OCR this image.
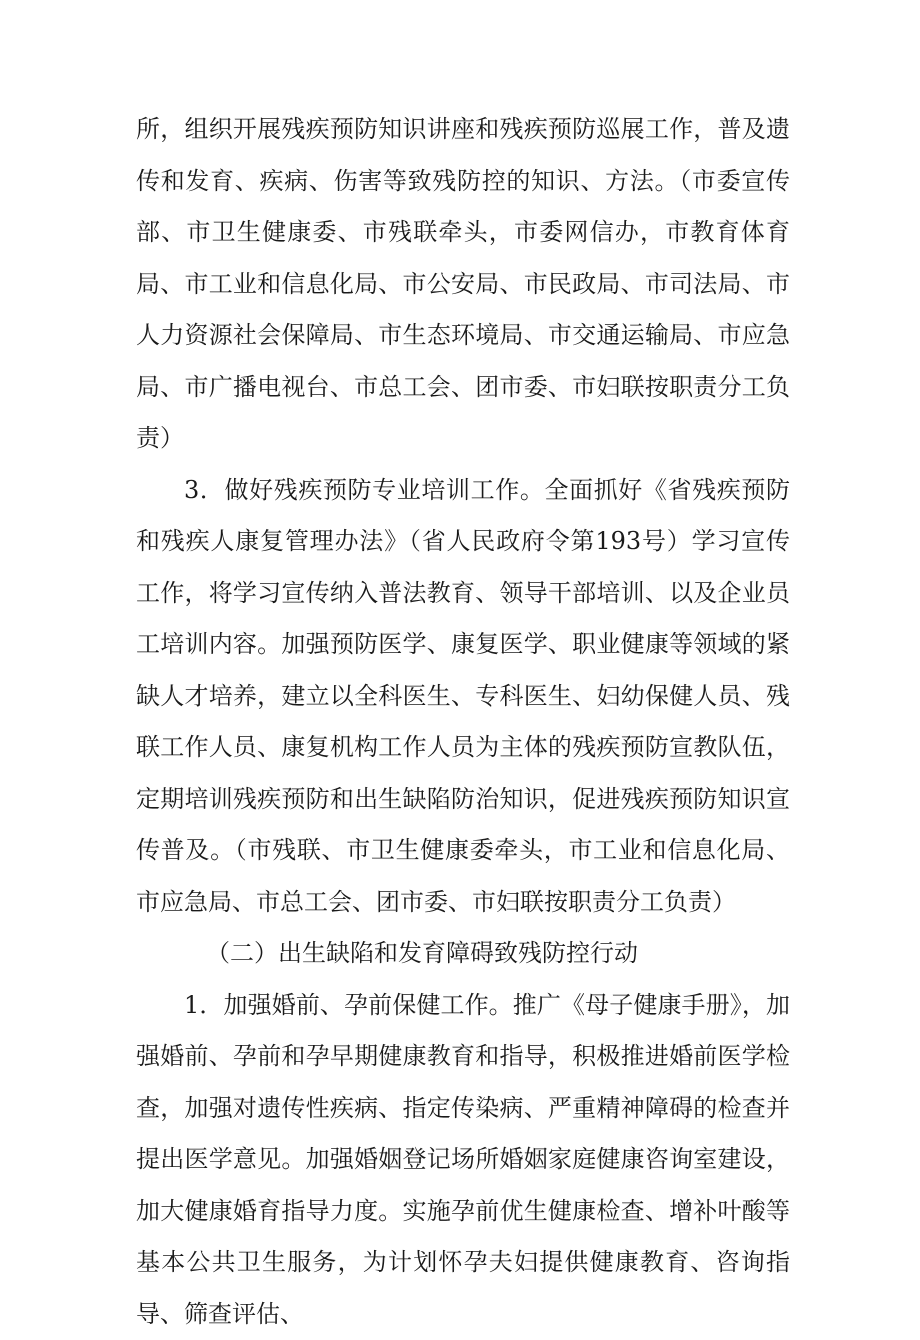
所，组织开展残疾预防知识讲座和残疾预防巡展工作，普及遗传和发育、疾病、伤害等致残防控的知识、方法。（市委宣传部、市卫生健康委、市残联牵头，市委网信办，市教育体育局、市工业和信息化局、市公安局、市民政局、市司法局、市人力资源社会保障局、市生态环境局、市交通运输局、市应急局、市广播电视台、市总工会、团市委、市妇联按职责分工负责）

3．做好残疾预防专业培训工作。全面抓好《省残疾预防和残疾人康复管理办法》（省人民政府令第193号）学习宣传工作，将学习宣传纳入普法教育、领导干部培训、以及企业员工培训内容。加强预防医学、康复医学、职业健康等领域的紧缺人才培养，建立以全科医生、专科医生、妇幼保健人员、残联工作人员、康复机构工作人员为主体的残疾预防宣教队伍，定期培训残疾预防和出生缺陷防治知识，促进残疾预防知识宣传普及。（市残联、市卫生健康委牵头，市工业和信息化局、市应急局、市总工会、团市委、市妇联按职责分工负责）

（二）出生缺陷和发育障碍致残防控行动

1．加强婚前、孕前保健工作。推广《母子健康手册》，加强婚前、孕前和孕早期健康教育和指导，积极推进婚前医学检查，加强对遗传性疾病、指定传染病、严重精神障碍的检查并提出医学意见。加强婚姻登记场所婚姻家庭健康咨询室建设，加大健康婚育指导力度。实施孕前优生健康检查、增补叶酸等基本公共卫生服务，为计划怀孕夫妇提供健康教育、咨询指导、筛查评估、
